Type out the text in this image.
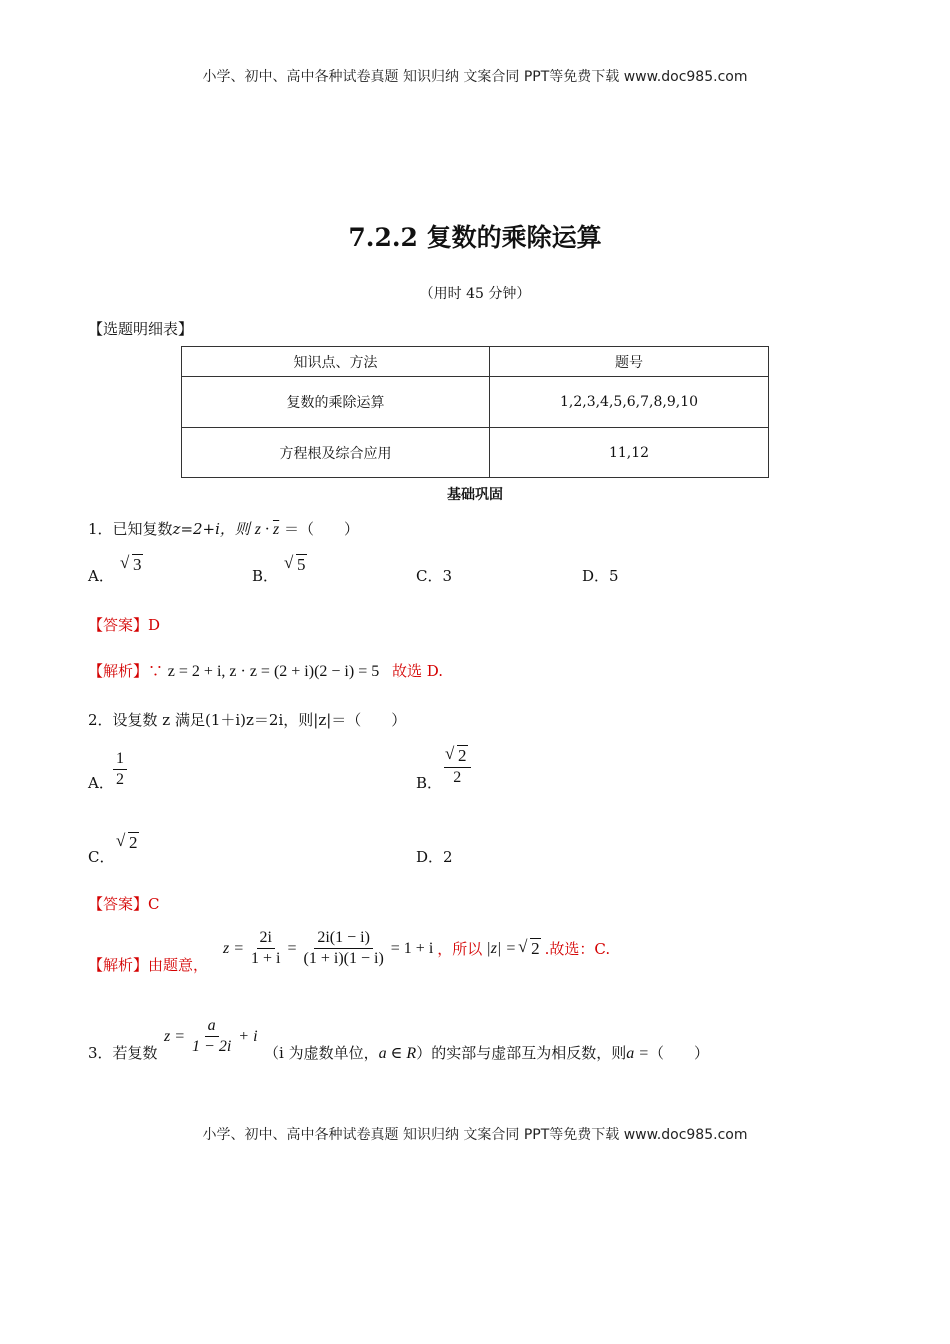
小学、初中、高中各种试卷真题 知识归纳 文案合同 PPT等免费下载 www.doc985.com
7.2.2 复数的乘除运算
（用时 45 分钟）
【选题明细表】
知识点、方法	题号
复数的乘除运算	1,2,3,4,5,6,7,8,9,10
方程根及综合应用	11,12
基础巩固
1．已知复数z=2+i，则 $z \cdot \overline{z}$ ＝（　　）
A．
√ 3
B．
√ 5
C．3	D．5
【答案】D
【解析】∵ z = 2 + i, z · z = (2 + i)(2 − i) = 5 故选 D.
2．设复数 z 满足(1＋i)z＝2i，则|z|＝（　　）
A． $\frac{1}{2}$	B． √ $\frac{2}{2}$
C．
√ 2
D．2
【答案】C
【解析】由题意，
$z = \frac{2i}{1 + i} = \frac{2i(1 - i)}{(1 + i)(1 - i)} = 1 + i$ ，所以 |z| = √ 2 .故选：C.
3．若复数
$z = \frac{a}{1 - 2i} + i$
（i 为虚数单位，a ∈ R）的实部与虚部互为相反数，则a =（　　）
小学、初中、高中各种试卷真题 知识归纳 文案合同 PPT等免费下载 www.doc985.com
